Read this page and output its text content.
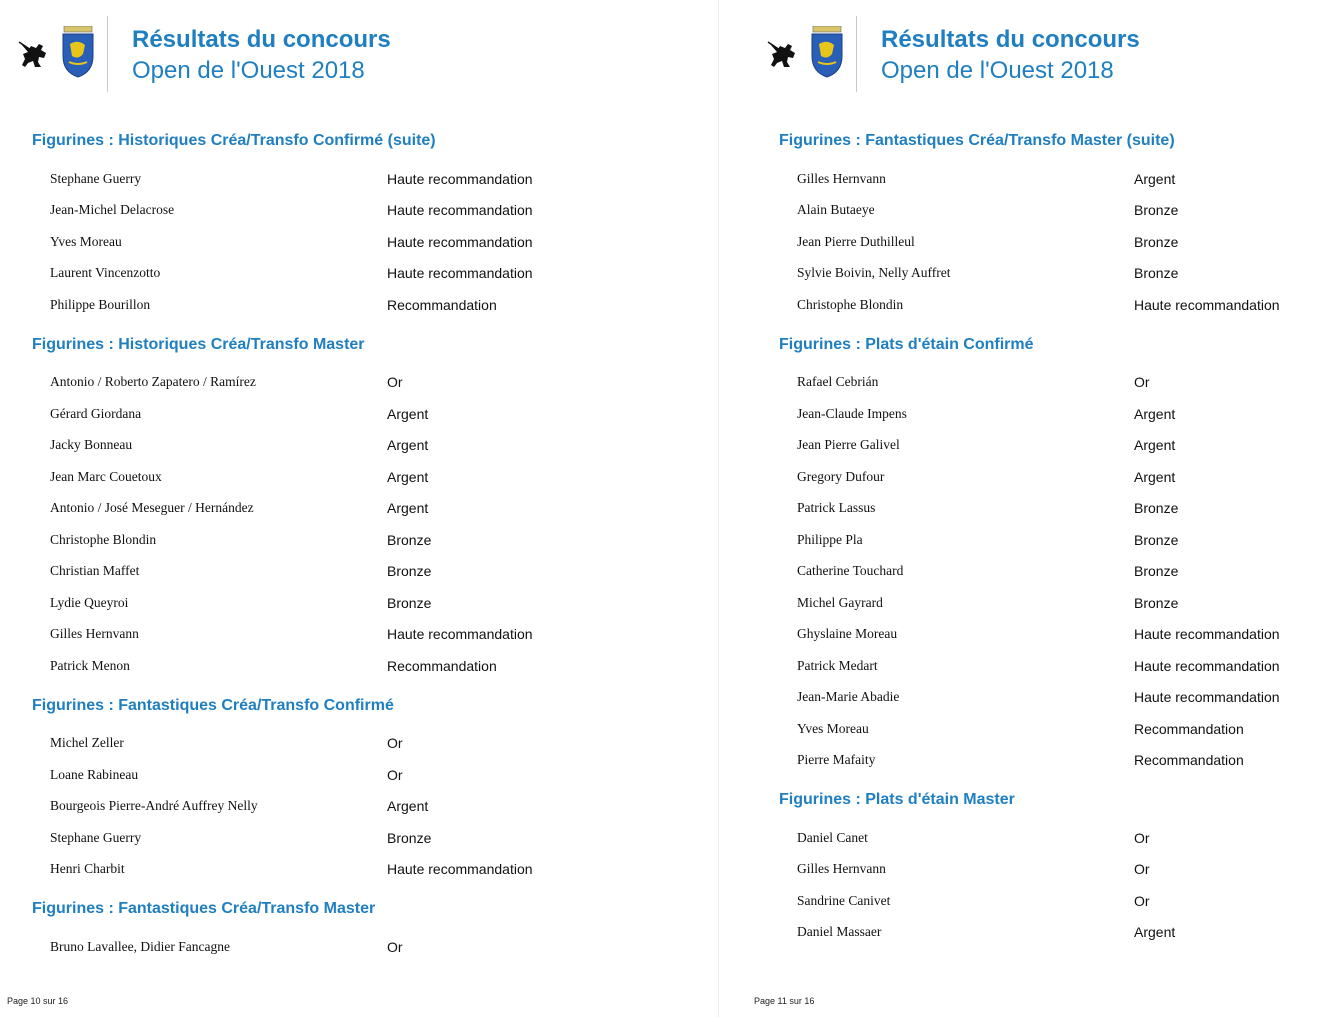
Résultats du concours
Open de l'Ouest 2018
Figurines : Historiques Créa/Transfo Confirmé (suite)
Stephane Guerry	Haute recommandation
Jean-Michel Delacrose	Haute recommandation
Yves Moreau	Haute recommandation
Laurent Vincenzotto	Haute recommandation
Philippe Bourillon	Recommandation
Figurines : Historiques Créa/Transfo Master
Antonio / Roberto Zapatero / Ramírez	Or
Gérard Giordana	Argent
Jacky Bonneau	Argent
Jean Marc Couetoux	Argent
Antonio / José Meseguer / Hernández	Argent
Christophe Blondin	Bronze
Christian Maffet	Bronze
Lydie Queyroi	Bronze
Gilles Hernvann	Haute recommandation
Patrick Menon	Recommandation
Figurines : Fantastiques Créa/Transfo Confirmé
Michel Zeller	Or
Loane Rabineau	Or
Bourgeois Pierre-André Auffrey Nelly	Argent
Stephane Guerry	Bronze
Henri Charbit	Haute recommandation
Figurines : Fantastiques Créa/Transfo Master
Bruno Lavallee, Didier Fancagne	Or
Page 10 sur 16
Résultats du concours
Open de l'Ouest 2018
Figurines : Fantastiques Créa/Transfo Master (suite)
Gilles Hernvann	Argent
Alain Butaeye	Bronze
Jean Pierre Duthilleul	Bronze
Sylvie Boivin, Nelly Auffret	Bronze
Christophe Blondin	Haute recommandation
Figurines : Plats d'étain Confirmé
Rafael Cebrián	Or
Jean-Claude Impens	Argent
Jean Pierre Galivel	Argent
Gregory Dufour	Argent
Patrick Lassus	Bronze
Philippe Pla	Bronze
Catherine Touchard	Bronze
Michel Gayrard	Bronze
Ghyslaine Moreau	Haute recommandation
Patrick Medart	Haute recommandation
Jean-Marie Abadie	Haute recommandation
Yves Moreau	Recommandation
Pierre Mafaity	Recommandation
Figurines : Plats d'étain Master
Daniel Canet	Or
Gilles Hernvann	Or
Sandrine Canivet	Or
Daniel Massaer	Argent
Page 11 sur 16
